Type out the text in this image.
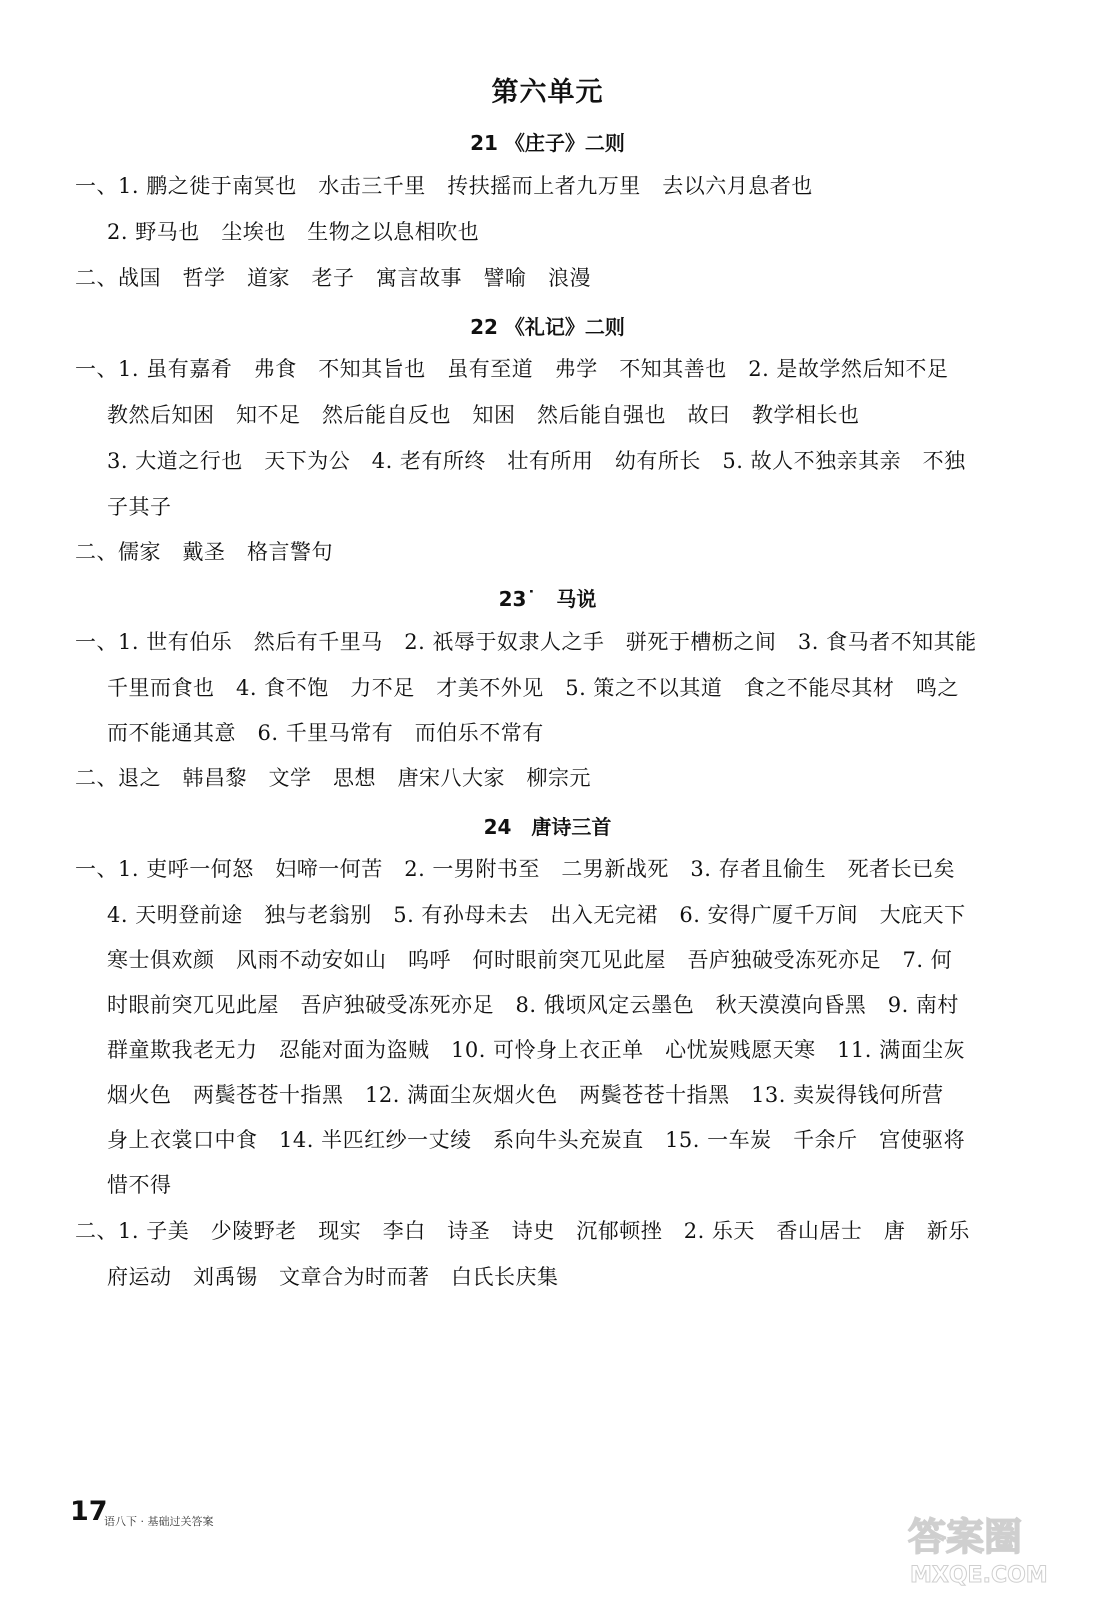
第六单元
21 《庄子》二则
一、1. 鹏之徙于南冥也　水击三千里　抟扶摇而上者九万里　去以六月息者也
2. 野马也　尘埃也　生物之以息相吹也
二、战国　哲学　道家　老子　寓言故事　譬喻　浪漫
22 《礼记》二则
一、1. 虽有嘉肴　弗食　不知其旨也　虽有至道　弗学　不知其善也　2. 是故学然后知不足
教然后知困　知不足　然后能自反也　知困　然后能自强也　故曰　教学相长也
3. 大道之行也　天下为公　4. 老有所终　壮有所用　幼有所长　5. 故人不独亲其亲　不独
子其子
二、儒家　戴圣　格言警句
23˙　马说
一、1. 世有伯乐　然后有千里马　2. 祇辱于奴隶人之手　骈死于槽枥之间　3. 食马者不知其能
千里而食也　4. 食不饱　力不足　才美不外见　5. 策之不以其道　食之不能尽其材　鸣之
而不能通其意　6. 千里马常有　而伯乐不常有
二、退之　韩昌黎　文学　思想　唐宋八大家　柳宗元
24　唐诗三首
一、1. 吏呼一何怒　妇啼一何苦　2. 一男附书至　二男新战死　3. 存者且偷生　死者长已矣
4. 天明登前途　独与老翁别　5. 有孙母未去　出入无完裙　6. 安得广厦千万间　大庇天下
寒士俱欢颜　风雨不动安如山　呜呼　何时眼前突兀见此屋　吾庐独破受冻死亦足　7. 何
时眼前突兀见此屋　吾庐独破受冻死亦足　8. 俄顷风定云墨色　秋天漠漠向昏黑　9. 南村
群童欺我老无力　忍能对面为盗贼　10. 可怜身上衣正单　心忧炭贱愿天寒　11. 满面尘灰
烟火色　两鬓苍苍十指黑　12. 满面尘灰烟火色　两鬓苍苍十指黑　13. 卖炭得钱何所营
身上衣裳口中食　14. 半匹红纱一丈绫　系向牛头充炭直　15. 一车炭　千余斤　宫使驱将
惜不得
二、1. 子美　少陵野老　现实　李白　诗圣　诗史　沉郁顿挫　2. 乐天　香山居士　唐　新乐
府运动　刘禹锡　文章合为时而著　白氏长庆集
17
语八下 · 基础过关答案	答案圈
MXQE.COM
